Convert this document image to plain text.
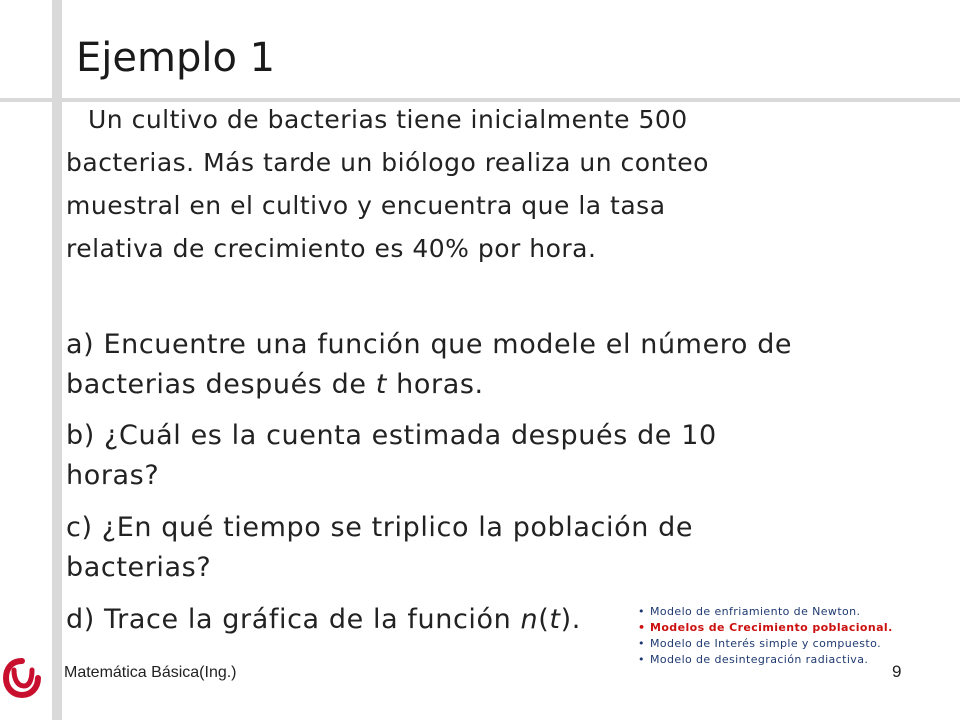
Ejemplo 1

Un cultivo de bacterias tiene inicialmente 500
bacterias. Más tarde un biólogo realiza un conteo
muestral en el cultivo y encuentra que la tasa
relativa de crecimiento es 40% por hora.

a) Encuentre una función que modele el número de
bacterias después de t horas.

b) ¿Cuál es la cuenta estimada después de 10
horas?

c) ¿En qué tiempo se triplico la población de
bacterias?

d) Trace la gráfica de la función n(t).	• Modelo de enfriamiento de Newton.
• Modelos de Crecimiento poblacional.
• Modelo de Interés simple y compuesto.
• Modelo de desintegración radiactiva.
Matemática Básica(Ing.)	9
